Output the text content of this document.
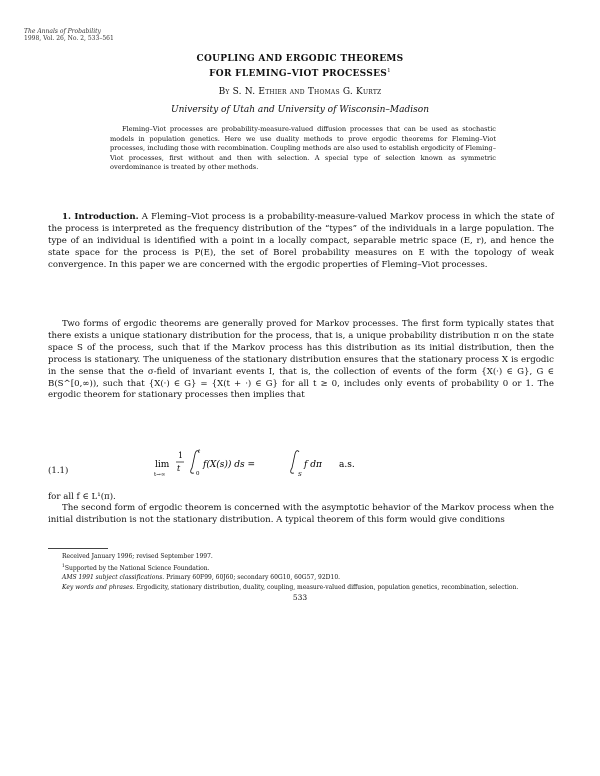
The Annals of Probability
1998, Vol. 26, No. 2, 533–561
COUPLING AND ERGODIC THEOREMS
FOR FLEMING–VIOT PROCESSES$^1$
By S. N. Ethier and Thomas G. Kurtz
University of Utah and University of Wisconsin–Madison
Fleming–Viot processes are probability-measure-valued diffusion processes that can be used as stochastic models in population genetics. Here we use duality methods to prove ergodic theorems for Fleming–Viot processes, including those with recombination. Coupling methods are also used to establish ergodicity of Fleming–Viot processes, first without and then with selection. A special type of selection known as symmetric overdominance is treated by other methods.
1. Introduction. A Fleming–Viot process is a probability-measure-valued Markov process in which the state of the process is interpreted as the frequency distribution of the “types” of the individuals in a large population. The type of an individual is identified with a point in a locally compact, separable metric space (E, r), and hence the state space for the process is P(E), the set of Borel probability measures on E with the topology of weak convergence. In this paper we are concerned with the ergodic properties of Fleming–Viot processes.
Two forms of ergodic theorems are generally proved for Markov processes. The first form typically states that there exists a unique stationary distribution for the process, that is, a unique probability distribution π on the state space S of the process, such that if the Markov process has this distribution as its initial distribution, then the process is stationary. The uniqueness of the stationary distribution ensures that the stationary process X is ergodic in the sense that the σ-field of invariant events I, that is, the collection of events of the form {X(·) ∈ G}, G ∈ B(S^[0,∞)), such that {X(·) ∈ G} = {X(t + ·) ∈ G} for all t ≥ 0, includes only events of probability 0 or 1. The ergodic theorem for stationary processes then implies that
(1.1)
lim
t→∞
1
t
t
0
f(X(s)) ds =
S
f dπ a.s.
for all f ∈ L¹(π).
The second form of ergodic theorem is concerned with the asymptotic behavior of the Markov process when the initial distribution is not the stationary distribution. A typical theorem of this form would give conditions
Received January 1996; revised September 1997.
$^1$Supported by the National Science Foundation.
AMS 1991 subject classifications. Primary 60F99, 60J60; secondary 60G10, 60G57, 92D10.
Key words and phrases. Ergodicity, stationary distribution, duality, coupling, measure-valued diffusion, population genetics, recombination, selection.
533
